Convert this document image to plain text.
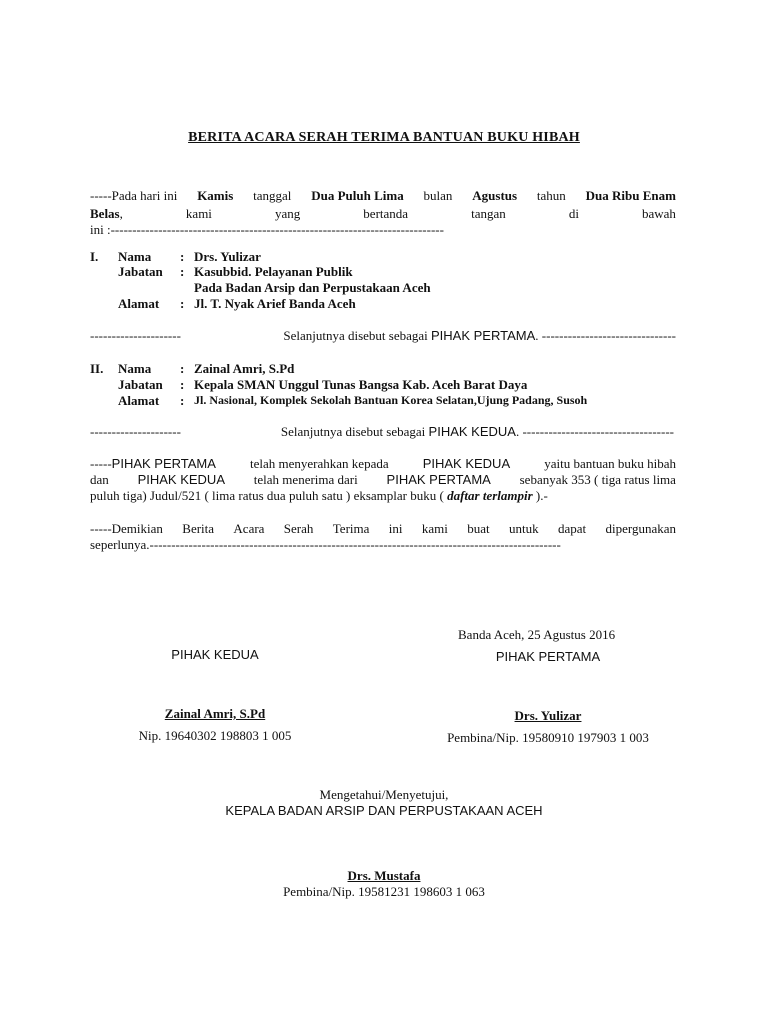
BERITA ACARA SERAH TERIMA BANTUAN BUKU HIBAH
-----Pada hari ini Kamis tanggal Dua Puluh Lima bulan Agustus tahun Dua Ribu Enam
Belas,	kami	yang	bertanda	tangan	di	bawah
ini :-----------------------------------------------------------------------------
I. Nama : Drs. Yulizar
Jabatan : Kasubbid. Pelayanan Publik
Pada Badan Arsip dan Perpustakaan Aceh
Alamat : Jl. T. Nyak Arief Banda Aceh
---------------------	Selanjutnya disebut sebagai PIHAK PERTAMA. -------------------------------
II. Nama : Zainal Amri, S.Pd
Jabatan : Kepala SMAN Unggul Tunas Bangsa Kab. Aceh Barat Daya
Alamat : Jl. Nasional, Komplek Sekolah Bantuan Korea Selatan,Ujung Padang, Susoh
---------------------	Selanjutnya disebut sebagai PIHAK KEDUA. -----------------------------------
-----PIHAK PERTAMA	telah menyerahkan kepada	PIHAK KEDUA	yaitu bantuan buku hibah
dan PIHAK KEDUA telah menerima dari PIHAK PERTAMA sebanyak 353 ( tiga ratus lima
puluh tiga) Judul/521 ( lima ratus dua puluh satu ) eksamplar buku ( daftar terlampir ).-
-----Demikian Berita Acara Serah Terima ini kami buat untuk dapat dipergunakan
seperlunya.-----------------------------------------------------------------------------------------------
Banda Aceh, 25 Agustus 2016
PIHAK KEDUA	PIHAK PERTAMA
Zainal Amri, S.Pd	Drs. Yulizar
Nip. 19640302 198803 1 005	Pembina/Nip. 19580910 197903 1 003
Mengetahui/Menyetujui,
KEPALA BADAN ARSIP DAN PERPUSTAKAAN ACEH
Drs. Mustafa
Pembina/Nip. 19581231 198603 1 063
